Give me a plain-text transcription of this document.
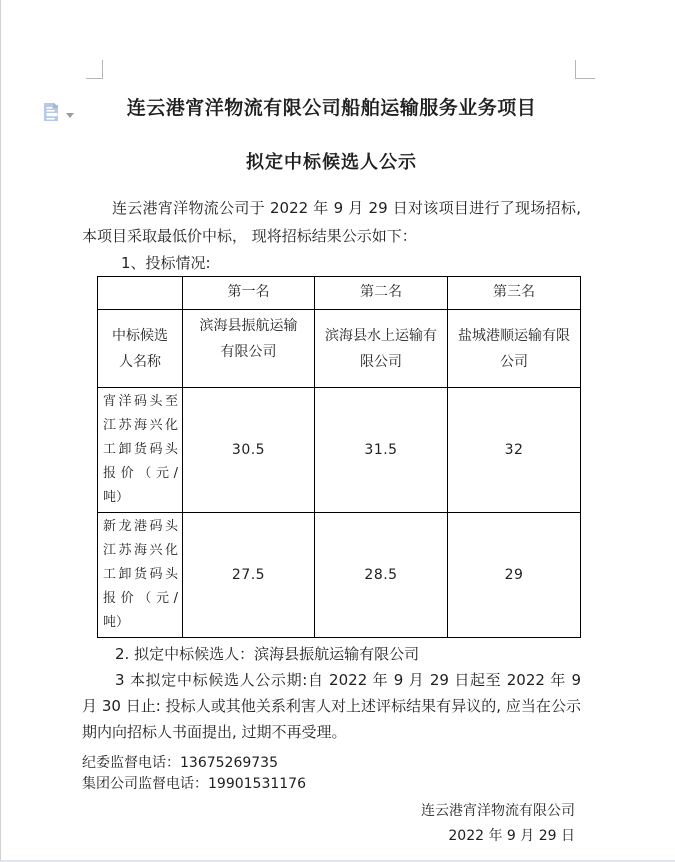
连云港宵洋物流有限公司船舶运输服务业务项目
拟定中标候选人公示

连云港宵洋物流公司于 2022 年 9 月 29 日对该项目进行了现场招标, 本项目采取最低价中标， 现将招标结果公示如下：

1、投标情况:
	第一名	第二名	第三名
中标候选人名称	滨海县振航运输有限公司	滨海县水上运输有限公司	盐城港顺运输有限公司
宵洋码头至江苏海兴化工卸货码头报价（元/吨）	30.5	31.5	32
新龙港码头江苏海兴化工卸货码头报价（元/吨）	27.5	28.5	29

2. 拟定中标候选人：滨海县振航运输有限公司

3 本拟定中标候选人公示期:自 2022 年 9 月 29 日起至 2022 年 9 月 30 日止: 投标人或其他关系利害人对上述评标结果有异议的, 应当在公示期内向招标人书面提出, 过期不再受理。

纪委监督电话：13675269735
集团公司监督电话：19901531176
连云港宵洋物流有限公司
2022 年 9 月 29 日
